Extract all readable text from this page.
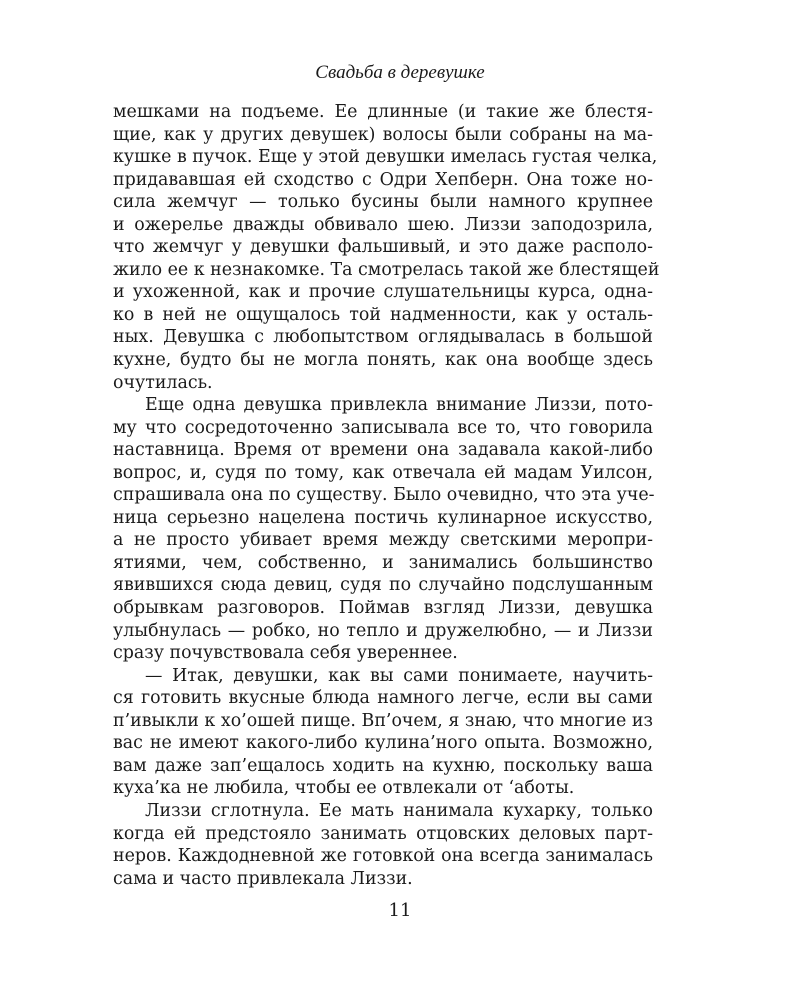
Свадьба в деревушке
мешками на подъеме. Ее длинные (и такие же блестя-
щие, как у других девушек) волосы были собраны на ма-
кушке в пучок. Еще у этой девушки имелась густая челка,
придававшая ей сходство с Одри Хепберн. Она тоже но-
сила жемчуг — только бусины были намного крупнее
и ожерелье дважды обвивало шею. Лиззи заподозрила,
что жемчуг у девушки фальшивый, и это даже располо-
жило ее к незнакомке. Та смотрелась такой же блестящей
и ухоженной, как и прочие слушательницы курса, одна-
ко в ней не ощущалось той надменности, как у осталь-
ных. Девушка с любопытством оглядывалась в большой
кухне, будто бы не могла понять, как она вообще здесь
очутилась.
Еще одна девушка привлекла внимание Лиззи, пото-
му что сосредоточенно записывала все то, что говорила
наставница. Время от времени она задавала какой-либо
вопрос, и, судя по тому, как отвечала ей мадам Уилсон,
спрашивала она по существу. Было очевидно, что эта уче-
ница серьезно нацелена постичь кулинарное искусство,
а не просто убивает время между светскими меропри-
ятиями, чем, собственно, и занимались большинство
явившихся сюда девиц, судя по случайно подслушанным
обрывкам разговоров. Поймав взгляд Лиззи, девушка
улыбнулась — робко, но тепло и дружелюбно, — и Лиззи
сразу почувствовала себя увереннее.
— Итак, девушки, как вы сами понимаете, научить-
ся готовить вкусные блюда намного легче, если вы сами
п’ивыкли к хо’ошей пище. Вп’очем, я знаю, что многие из
вас не имеют какого-либо кулина’ного опыта. Возможно,
вам даже зап’ещалось ходить на кухню, поскольку ваша
куха’ка не любила, чтобы ее отвлекали от ‘аботы.
Лиззи сглотнула. Ее мать нанимала кухарку, только
когда ей предстояло занимать отцовских деловых парт-
неров. Каждодневной же готовкой она всегда занималась
сама и часто привлекала Лиззи.
11
